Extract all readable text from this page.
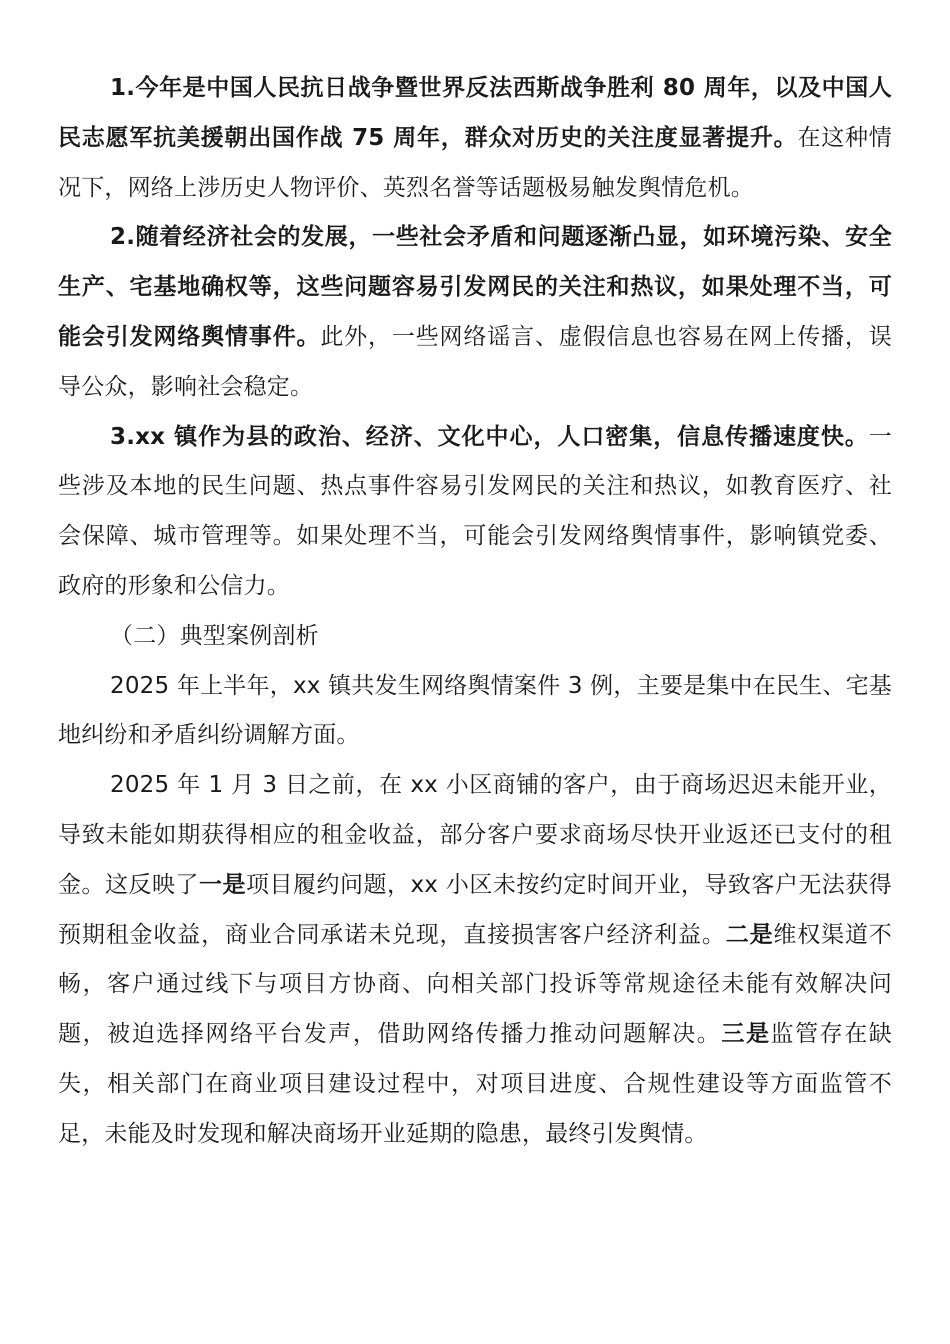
1.今年是中国人民抗日战争暨世界反法西斯战争胜利 80 周年，以及中国人民志愿军抗美援朝出国作战 75 周年，群众对历史的关注度显著提升。在这种情况下，网络上涉历史人物评价、英烈名誉等话题极易触发舆情危机。

2.随着经济社会的发展，一些社会矛盾和问题逐渐凸显，如环境污染、安全生产、宅基地确权等，这些问题容易引发网民的关注和热议，如果处理不当，可能会引发网络舆情事件。此外，一些网络谣言、虚假信息也容易在网上传播，误导公众，影响社会稳定。

3.xx 镇作为县的政治、经济、文化中心，人口密集，信息传播速度快。一些涉及本地的民生问题、热点事件容易引发网民的关注和热议，如教育医疗、社会保障、城市管理等。如果处理不当，可能会引发网络舆情事件，影响镇党委、政府的形象和公信力。

（二）典型案例剖析

2025 年上半年，xx 镇共发生网络舆情案件 3 例，主要是集中在民生、宅基地纠纷和矛盾纠纷调解方面。

2025 年 1 月 3 日之前，在 xx 小区商铺的客户，由于商场迟迟未能开业，导致未能如期获得相应的租金收益，部分客户要求商场尽快开业返还已支付的租金。这反映了一是项目履约问题，xx 小区未按约定时间开业，导致客户无法获得预期租金收益，商业合同承诺未兑现，直接损害客户经济利益。二是维权渠道不畅，客户通过线下与项目方协商、向相关部门投诉等常规途径未能有效解决问题，被迫选择网络平台发声，借助网络传播力推动问题解决。三是监管存在缺失，相关部门在商业项目建设过程中，对项目进度、合规性建设等方面监管不足，未能及时发现和解决商场开业延期的隐患，最终引发舆情。
